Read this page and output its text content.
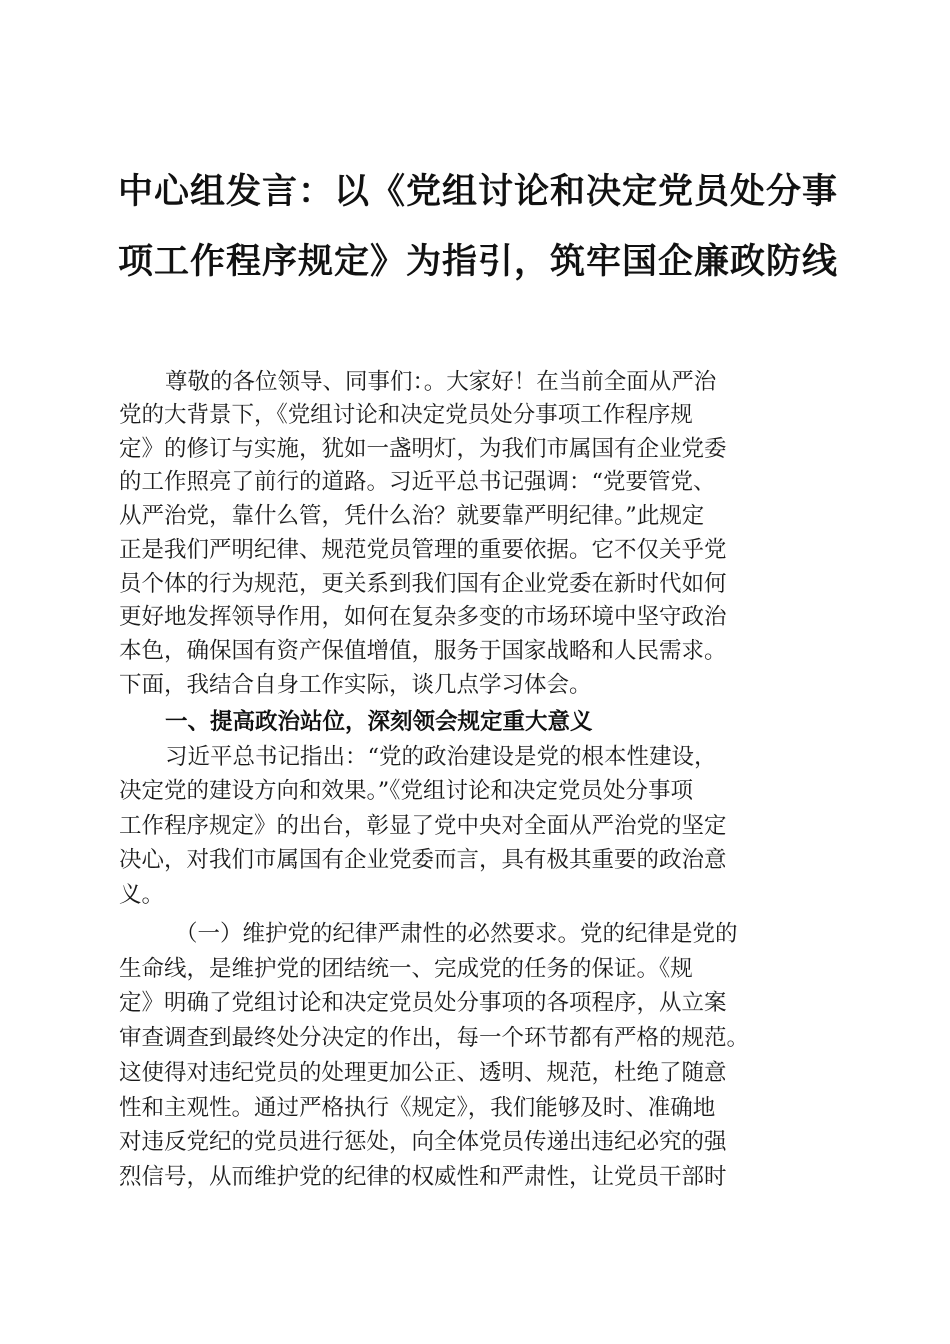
中心组发言：以《党组讨论和决定党员处分事
项工作程序规定》为指引，筑牢国企廉政防线
尊敬的各位领导、同事们：。大家好！在当前全面从严治
党的大背景下，《党组讨论和决定党员处分事项工作程序规
定》的修订与实施，犹如一盏明灯，为我们市属国有企业党委
的工作照亮了前行的道路。习近平总书记强调：“党要管党、
从严治党，靠什么管，凭什么治？就要靠严明纪律。”此规定
正是我们严明纪律、规范党员管理的重要依据。它不仅关乎党
员个体的行为规范，更关系到我们国有企业党委在新时代如何
更好地发挥领导作用，如何在复杂多变的市场环境中坚守政治
本色，确保国有资产保值增值，服务于国家战略和人民需求。
下面，我结合自身工作实际，谈几点学习体会。
一、提高政治站位，深刻领会规定重大意义
习近平总书记指出：“党的政治建设是党的根本性建设，
决定党的建设方向和效果。”《党组讨论和决定党员处分事项
工作程序规定》的出台，彰显了党中央对全面从严治党的坚定
决心，对我们市属国有企业党委而言，具有极其重要的政治意
义。
（一）维护党的纪律严肃性的必然要求。党的纪律是党的
生命线，是维护党的团结统一、完成党的任务的保证。《规
定》明确了党组讨论和决定党员处分事项的各项程序，从立案
审查调查到最终处分决定的作出，每一个环节都有严格的规范。
这使得对违纪党员的处理更加公正、透明、规范，杜绝了随意
性和主观性。通过严格执行《规定》，我们能够及时、准确地
对违反党纪的党员进行惩处，向全体党员传递出违纪必究的强
烈信号，从而维护党的纪律的权威性和严肃性，让党员干部时
